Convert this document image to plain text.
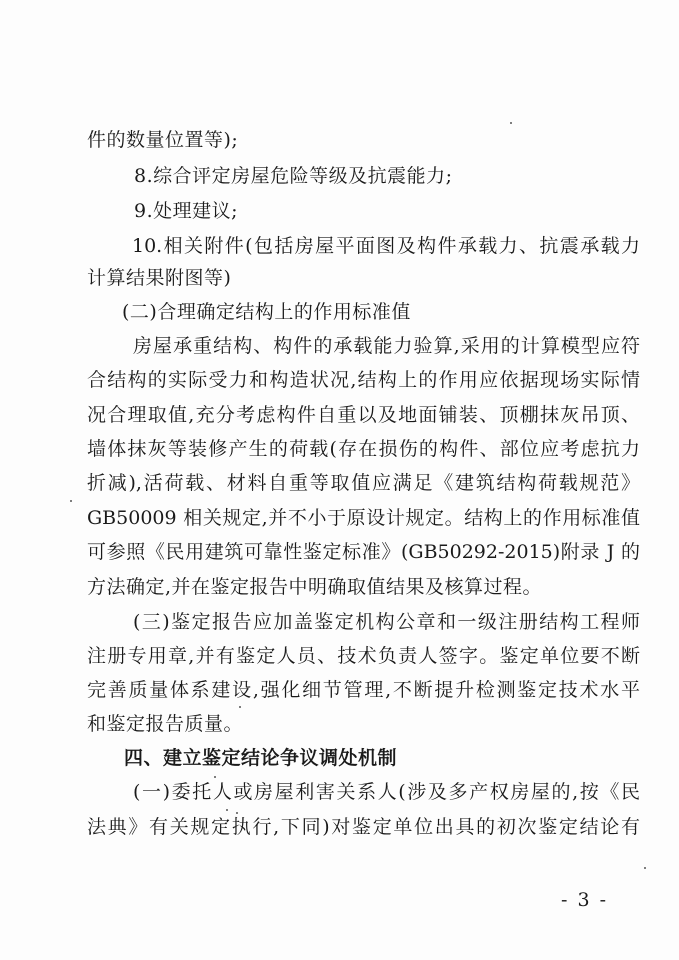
件的数量位置等);
8.综合评定房屋危险等级及抗震能力;
9.处理建议;
10.相关附件(包括房屋平面图及构件承载力、抗震承载力
计算结果附图等)
(二)合理确定结构上的作用标准值
房屋承重结构、构件的承载能力验算,采用的计算模型应符
合结构的实际受力和构造状况,结构上的作用应依据现场实际情
况合理取值,充分考虑构件自重以及地面铺装、顶棚抹灰吊顶、
墙体抹灰等装修产生的荷载(存在损伤的构件、部位应考虑抗力
折减),活荷载、材料自重等取值应满足《建筑结构荷载规范》
GB50009 相关规定,并不小于原设计规定。结构上的作用标准值
可参照《民用建筑可靠性鉴定标准》(GB50292-2015)附录 J 的
方法确定,并在鉴定报告中明确取值结果及核算过程。
(三)鉴定报告应加盖鉴定机构公章和一级注册结构工程师
注册专用章,并有鉴定人员、技术负责人签字。鉴定单位要不断
完善质量体系建设,强化细节管理,不断提升检测鉴定技术水平
和鉴定报告质量。
四、建立鉴定结论争议调处机制
(一)委托人或房屋利害关系人(涉及多产权房屋的,按《民
法典》有关规定执行,下同)对鉴定单位出具的初次鉴定结论有
- 3 -
